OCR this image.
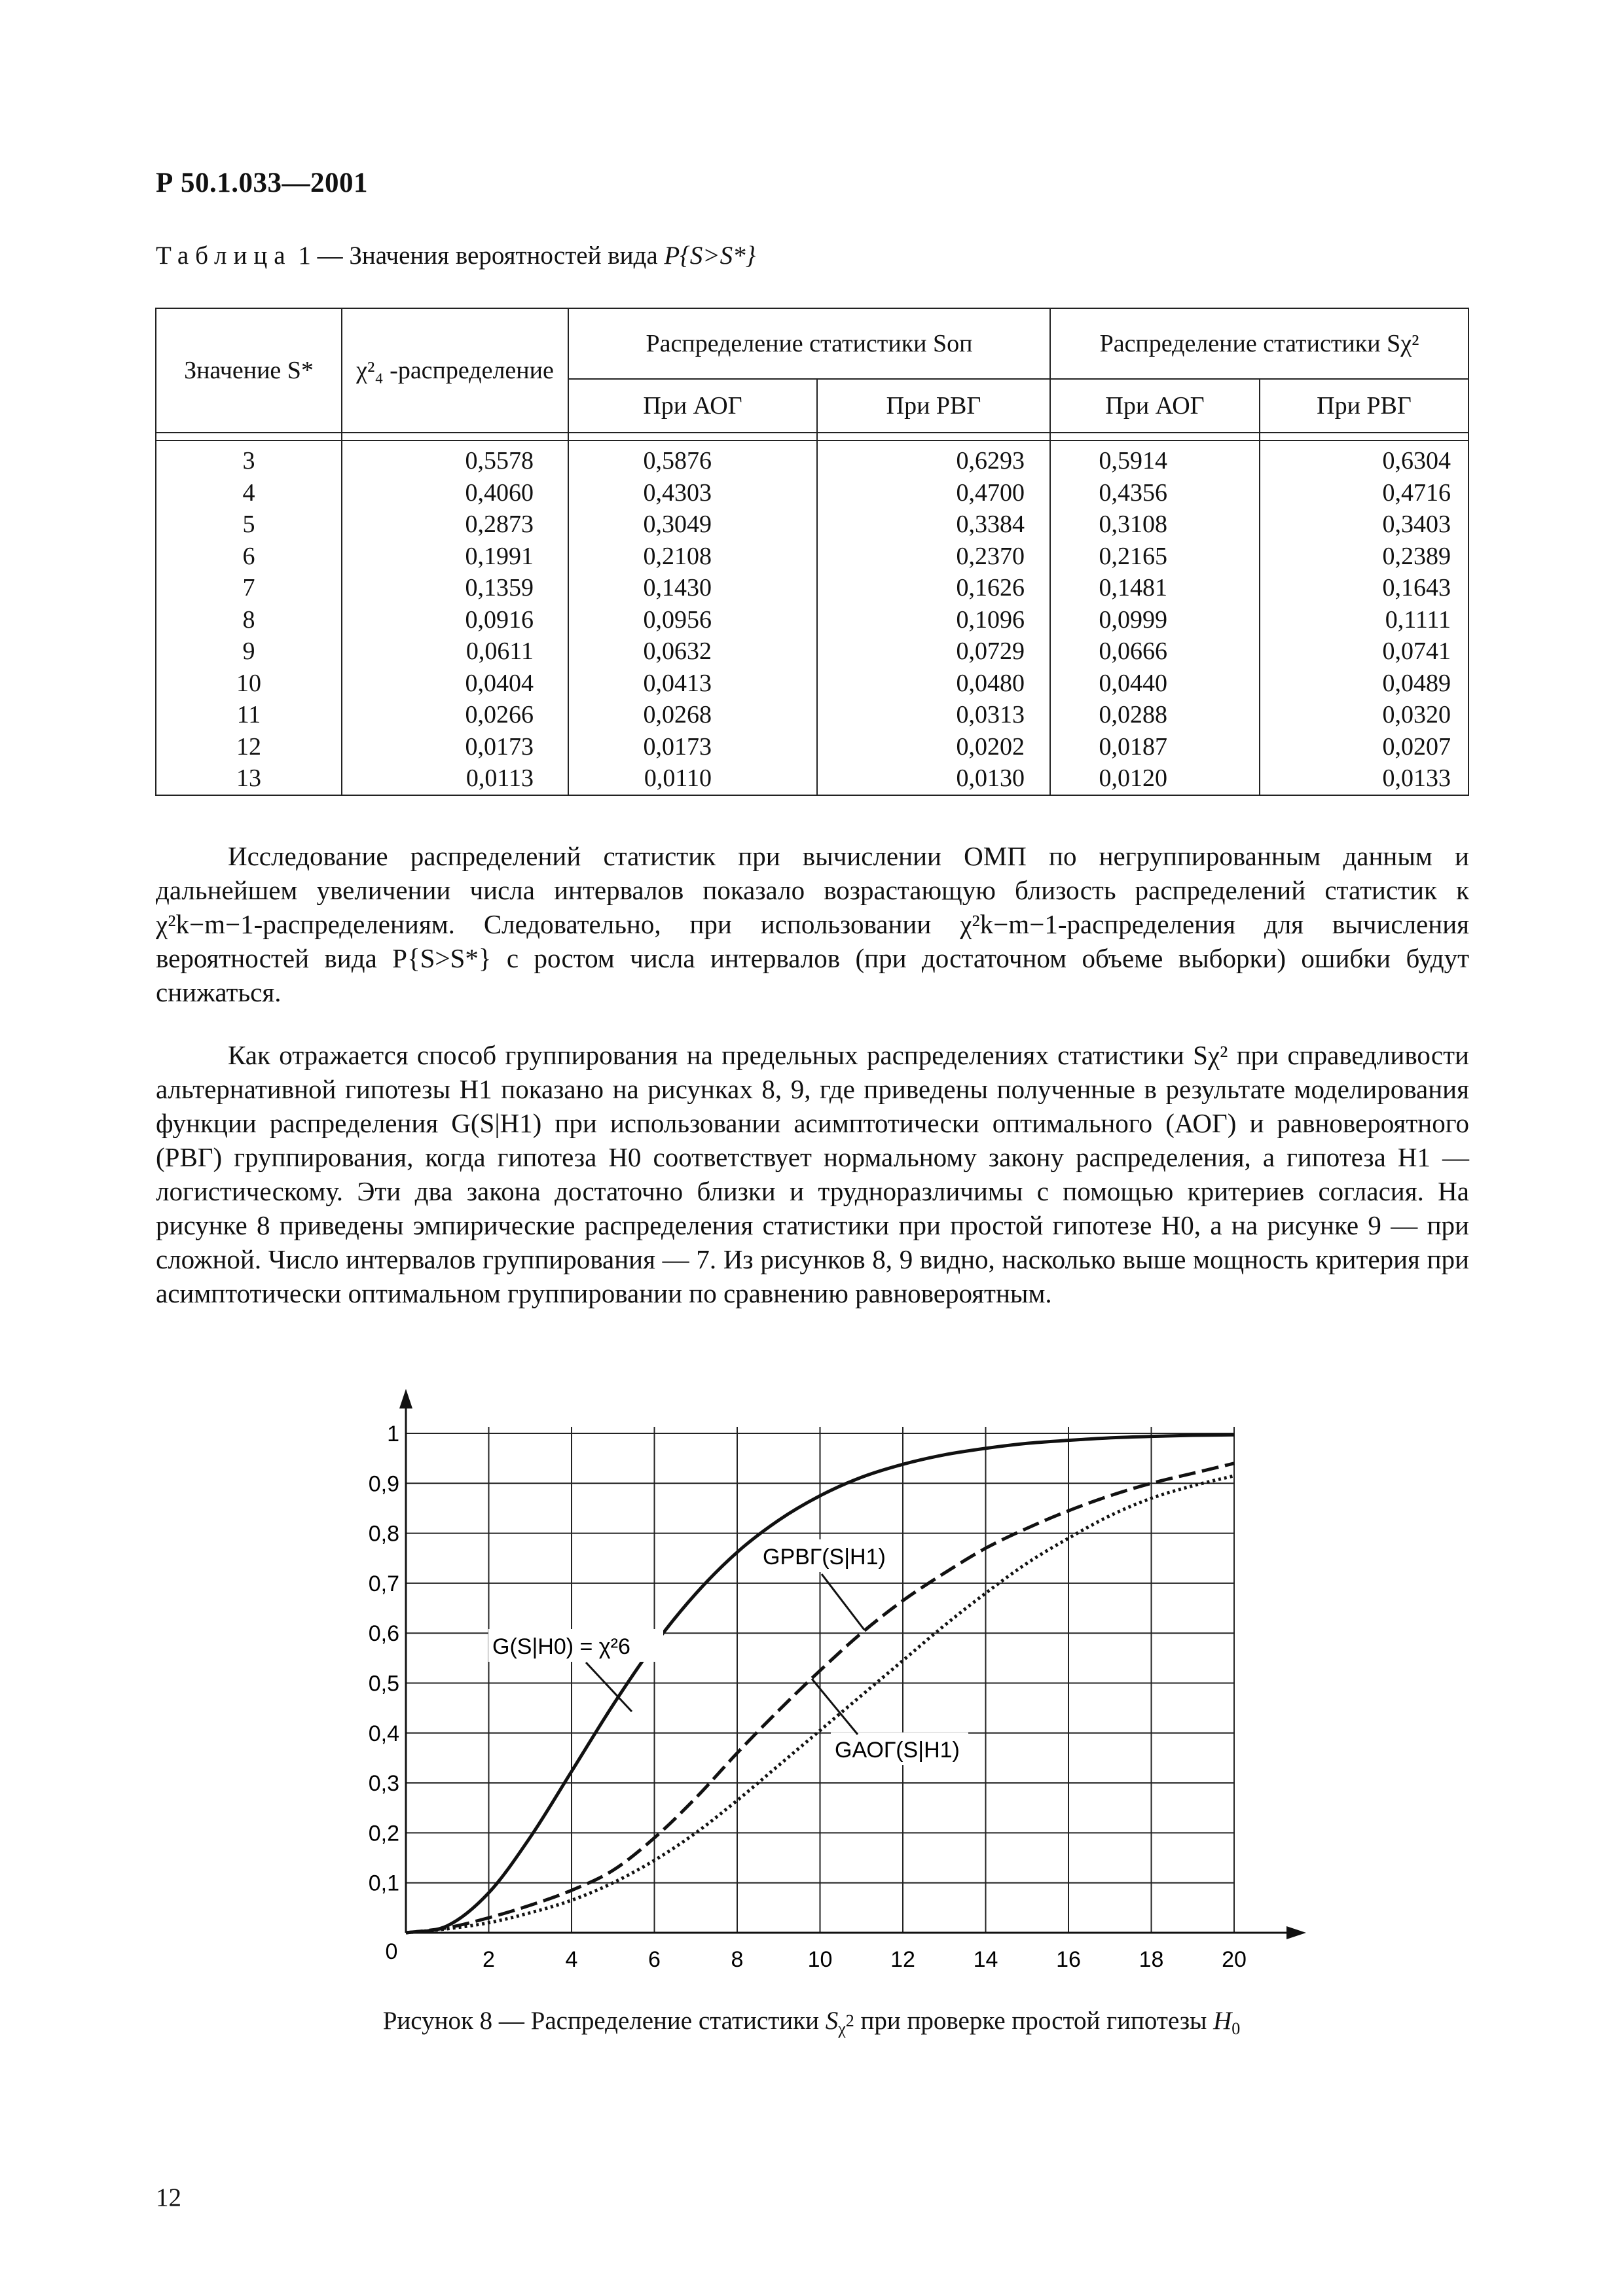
Р 50.1.033—2001
Таблица 1 — Значения вероятностей вида P{S>S*}
Значение S*	χ²₄ -распределение	Распределение статистики Sоп		Распределение статистики Sχ²	
		При АОГ	При РВГ	При АОГ	При РВГ

3	0,5578	0,5876	0,6293	0,5914	0,6304
4	0,4060	0,4303	0,4700	0,4356	0,4716
5	0,2873	0,3049	0,3384	0,3108	0,3403
6	0,1991	0,2108	0,2370	0,2165	0,2389
7	0,1359	0,1430	0,1626	0,1481	0,1643
8	0,0916	0,0956	0,1096	0,0999	0,1111
9	0,0611	0,0632	0,0729	0,0666	0,0741
10	0,0404	0,0413	0,0480	0,0440	0,0489
11	0,0266	0,0268	0,0313	0,0288	0,0320
12	0,0173	0,0173	0,0202	0,0187	0,0207
13	0,0113	0,0110	0,0130	0,0120	0,0133
Исследование распределений статистик при вычислении ОМП по негруппированным данным и дальнейшем увеличении числа интервалов показало возрастающую близость распределений статистик к χ²k−m−1-распределениям. Следовательно, при использовании χ²k−m−1-распределения для вычисления вероятностей вида P{S>S*} с ростом числа интервалов (при достаточном объеме выборки) ошибки будут снижаться.
Как отражается способ группирования на предельных распределениях статистики Sχ² при справедливости альтернативной гипотезы H1 показано на рисунках 8, 9, где приведены полученные в результате моделирования функции распределения G(S|H1) при использовании асимптотически оптимального (АОГ) и равновероятного (РВГ) группирования, когда гипотеза H0 соответствует нормальному закону распределения, а гипотеза H1 — логистическому. Эти два закона достаточно близки и трудноразличимы с помощью критериев согласия. На рисунке 8 приведены эмпирические распределения статистики при простой гипотезе H0, а на рисунке 9 — при сложной. Число интервалов группирования — 7. Из рисунков 8, 9 видно, насколько выше мощность критерия при асимптотически оптимальном группировании по сравнению равновероятным.
2	4	6	8	10	12	14	16	18	20
0
0,1
0,2
0,3
0,4
0,5
0,6
0,7
0,8
0,9
1
G(S|H0) = χ²6
GРВГ(S|H1)
GАОГ(S|H1)
Рисунок 8 — Распределение статистики $S_\chi 2$ при проверке простой гипотезы $H_0$
12
